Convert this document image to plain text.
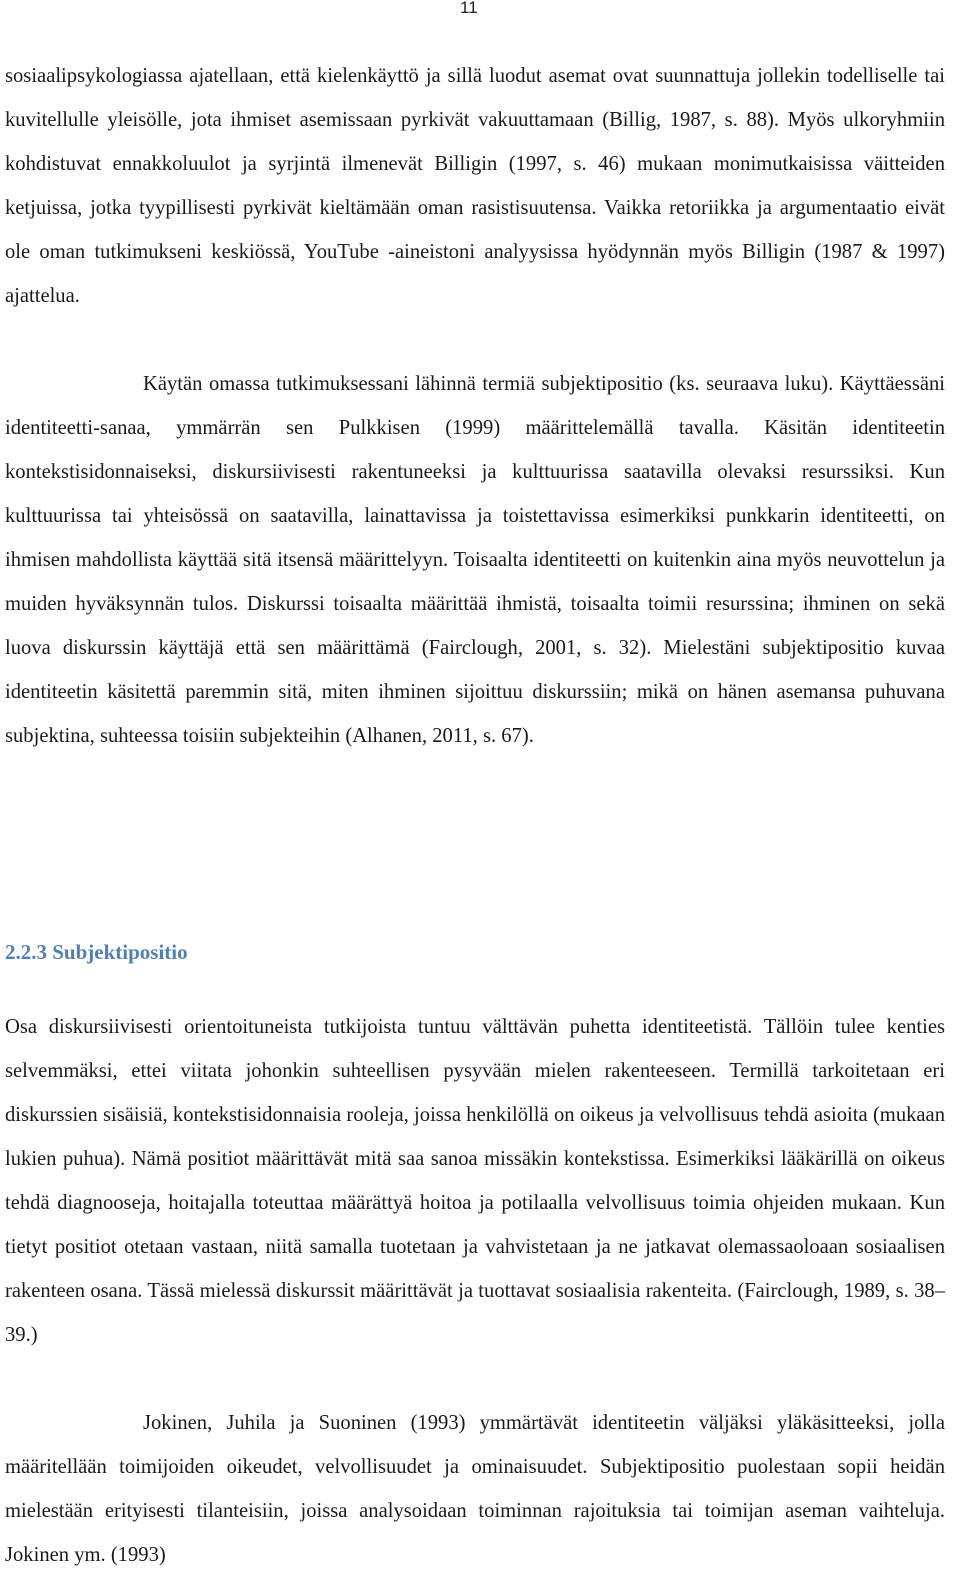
11
sosiaalipsykologiassa ajatellaan, että kielenkäyttö ja sillä luodut asemat ovat suunnattuja jollekin todelliselle tai kuvitellulle yleisölle, jota ihmiset asemissaan pyrkivät vakuuttamaan (Billig, 1987, s. 88). Myös ulkoryhmiin kohdistuvat ennakkoluulot ja syrjintä ilmenevät Billigin (1997, s. 46) mukaan monimutkaisissa väitteiden ketjuissa, jotka tyypillisesti pyrkivät kieltämään oman rasistisuutensa. Vaikka retoriikka ja argumentaatio eivät ole oman tutkimukseni keskiössä, YouTube -aineistoni analyysissa hyödynnän myös Billigin (1987 & 1997) ajattelua.
Käytän omassa tutkimuksessani lähinnä termiä subjektipositio (ks. seuraava luku). Käyttäessäni identiteetti-sanaa, ymmärrän sen Pulkkisen (1999) määrittelemällä tavalla. Käsitän identiteetin kontekstisidonnaiseksi, diskursiivisesti rakentuneeksi ja kulttuurissa saatavilla olevaksi resurssiksi. Kun kulttuurissa tai yhteisössä on saatavilla, lainattavissa ja toistettavissa esimerkiksi punkkarin identiteetti, on ihmisen mahdollista käyttää sitä itsensä määrittelyyn. Toisaalta identiteetti on kuitenkin aina myös neuvottelun ja muiden hyväksynnän tulos. Diskurssi toisaalta määrittää ihmistä, toisaalta toimii resurssina; ihminen on sekä luova diskurssin käyttäjä että sen määrittämä (Fairclough, 2001, s. 32). Mielestäni subjektipositio kuvaa identiteetin käsitettä paremmin sitä, miten ihminen sijoittuu diskurssiin; mikä on hänen asemansa puhuvana subjektina, suhteessa toisiin subjekteihin (Alhanen, 2011, s. 67).
2.2.3 Subjektipositio
Osa diskursiivisesti orientoituneista tutkijoista tuntuu välttävän puhetta identiteetistä. Tällöin tulee kenties selvemmäksi, ettei viitata johonkin suhteellisen pysyvään mielen rakenteeseen. Termillä tarkoitetaan eri diskurssien sisäisiä, kontekstisidonnaisia rooleja, joissa henkilöllä on oikeus ja velvollisuus tehdä asioita (mukaan lukien puhua). Nämä positiot määrittävät mitä saa sanoa missäkin kontekstissa. Esimerkiksi lääkärillä on oikeus tehdä diagnooseja, hoitajalla toteuttaa määrättyä hoitoa ja potilaalla velvollisuus toimia ohjeiden mukaan. Kun tietyt positiot otetaan vastaan, niitä samalla tuotetaan ja vahvistetaan ja ne jatkavat olemassaoloaan sosiaalisen rakenteen osana. Tässä mielessä diskurssit määrittävät ja tuottavat sosiaalisia rakenteita. (Fairclough, 1989, s. 38–39.)
Jokinen, Juhila ja Suoninen (1993) ymmärtävät identiteetin väljäksi yläkäsitteeksi, jolla määritellään toimijoiden oikeudet, velvollisuudet ja ominaisuudet. Subjektipositio puolestaan sopii heidän mielestään erityisesti tilanteisiin, joissa analysoidaan toiminnan rajoituksia tai toimijan aseman vaihteluja. Jokinen ym. (1993)
